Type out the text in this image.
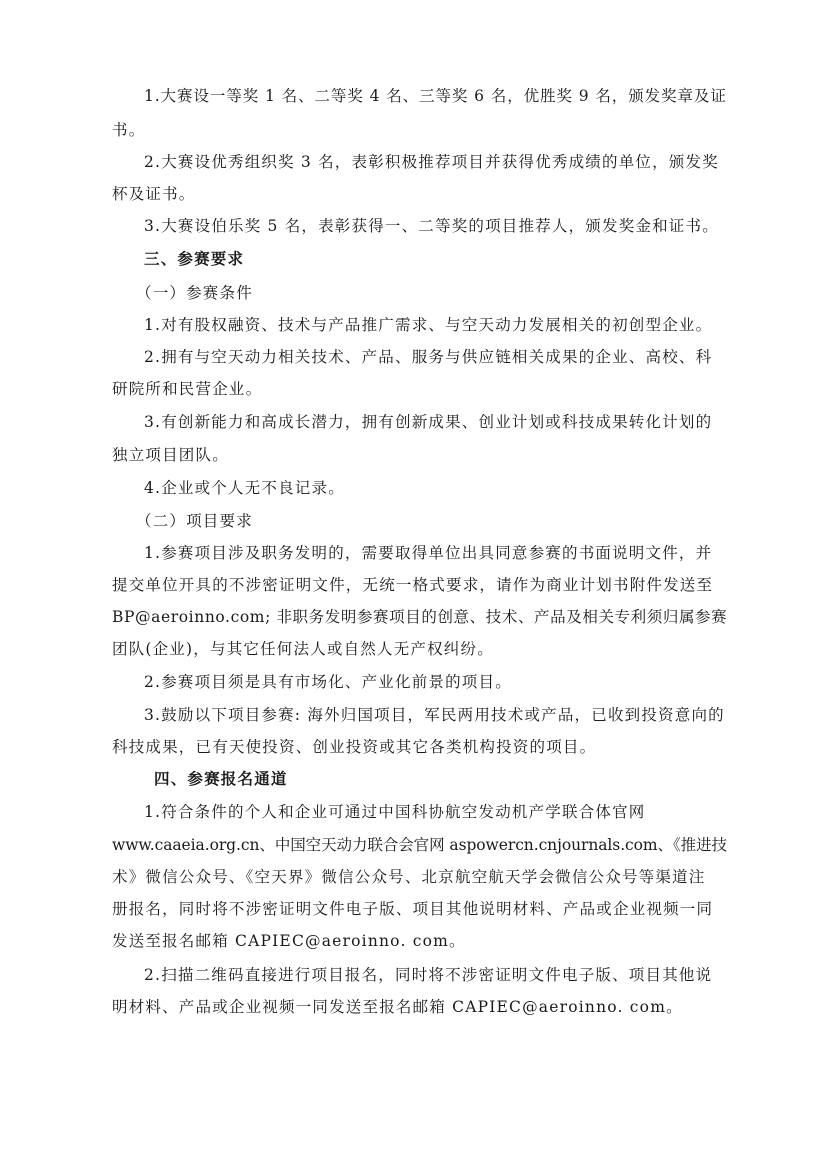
1.大赛设一等奖 1 名、二等奖 4 名、三等奖 6 名，优胜奖 9 名，颁发奖章及证
书。
2.大赛设优秀组织奖 3 名，表彰积极推荐项目并获得优秀成绩的单位，颁发奖
杯及证书。
3.大赛设伯乐奖 5 名，表彰获得一、二等奖的项目推荐人，颁发奖金和证书。
三、参赛要求
（一）参赛条件
1.对有股权融资、技术与产品推广需求、与空天动力发展相关的初创型企业。
2.拥有与空天动力相关技术、产品、服务与供应链相关成果的企业、高校、科
研院所和民营企业。
3.有创新能力和高成长潜力，拥有创新成果、创业计划或科技成果转化计划的
独立项目团队。
4.企业或个人无不良记录。
（二）项目要求
1.参赛项目涉及职务发明的，需要取得单位出具同意参赛的书面说明文件，并
提交单位开具的不涉密证明文件，无统一格式要求，请作为商业计划书附件发送至
BP@aeroinno.com; 非职务发明参赛项目的创意、技术、产品及相关专利须归属参赛
团队(企业)，与其它任何法人或自然人无产权纠纷。
2.参赛项目须是具有市场化、产业化前景的项目。
3.鼓励以下项目参赛: 海外归国项目，军民两用技术或产品，已收到投资意向的
科技成果，已有天使投资、创业投资或其它各类机构投资的项目。
四、参赛报名通道
1.符合条件的个人和企业可通过中国科协航空发动机产学联合体官网
www.caaeia.org.cn、中国空天动力联合会官网 aspowercn.cnjournals.com、《推进技
术》微信公众号、《空天界》微信公众号、北京航空航天学会微信公众号等渠道注
册报名，同时将不涉密证明文件电子版、项目其他说明材料、产品或企业视频一同
发送至报名邮箱 CAPIEC@aeroinno. com。
2.扫描二维码直接进行项目报名，同时将不涉密证明文件电子版、项目其他说
明材料、产品或企业视频一同发送至报名邮箱 CAPIEC@aeroinno. com。
